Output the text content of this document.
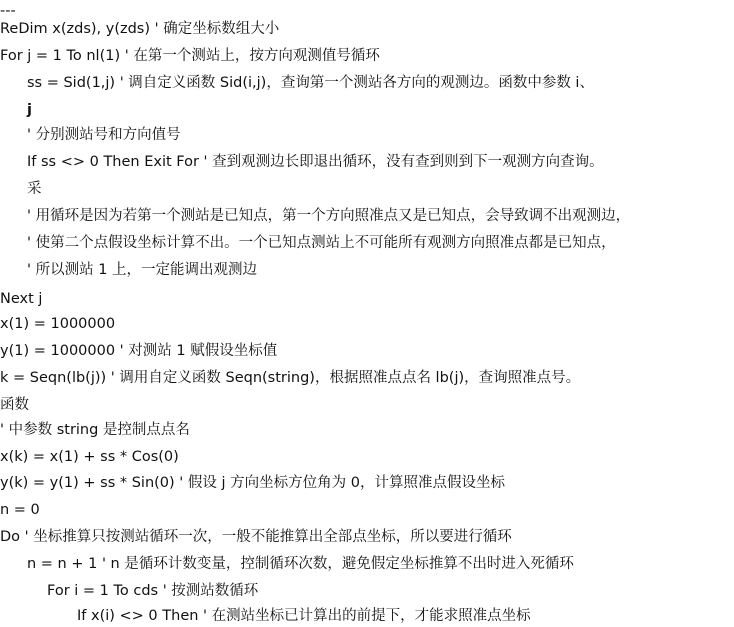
---
ReDim x(zds), y(zds) ' 确定坐标数组大小
For j = 1 To nl(1) ' 在第一个测站上，按方向观测值号循环
ss = Sid(1,j) ' 调自定义函数 Sid(i,j)，查询第一个测站各方向的观测边。函数中参数 i、
j
' 分别测站号和方向值号
If ss <> 0 Then Exit For ' 查到观测边长即退出循环，没有查到则到下一观测方向查询。
采
' 用循环是因为若第一个测站是已知点，第一个方向照准点又是已知点，会导致调不出观测边，
' 使第二个点假设坐标计算不出。一个已知点测站上不可能所有观测方向照准点都是已知点，
' 所以测站 1 上，一定能调出观测边
Next j
x(1) = 1000000
y(1) = 1000000 ' 对测站 1 赋假设坐标值
k = Seqn(lb(j)) ' 调用自定义函数 Seqn(string)，根据照准点点名 lb(j)，查询照准点号。
函数
' 中参数 string 是控制点点名
x(k) = x(1) + ss * Cos(0)
y(k) = y(1) + ss * Sin(0) ' 假设 j 方向坐标方位角为 0，计算照准点假设坐标
n = 0
Do ' 坐标推算只按测站循环一次，一般不能推算出全部点坐标，所以要进行循环
n = n + 1 ' n 是循环计数变量，控制循环次数，避免假定坐标推算不出时进入死循环
For i = 1 To cds ' 按测站数循环
If x(i) <> 0 Then ' 在测站坐标已计算出的前提下，才能求照准点坐标
